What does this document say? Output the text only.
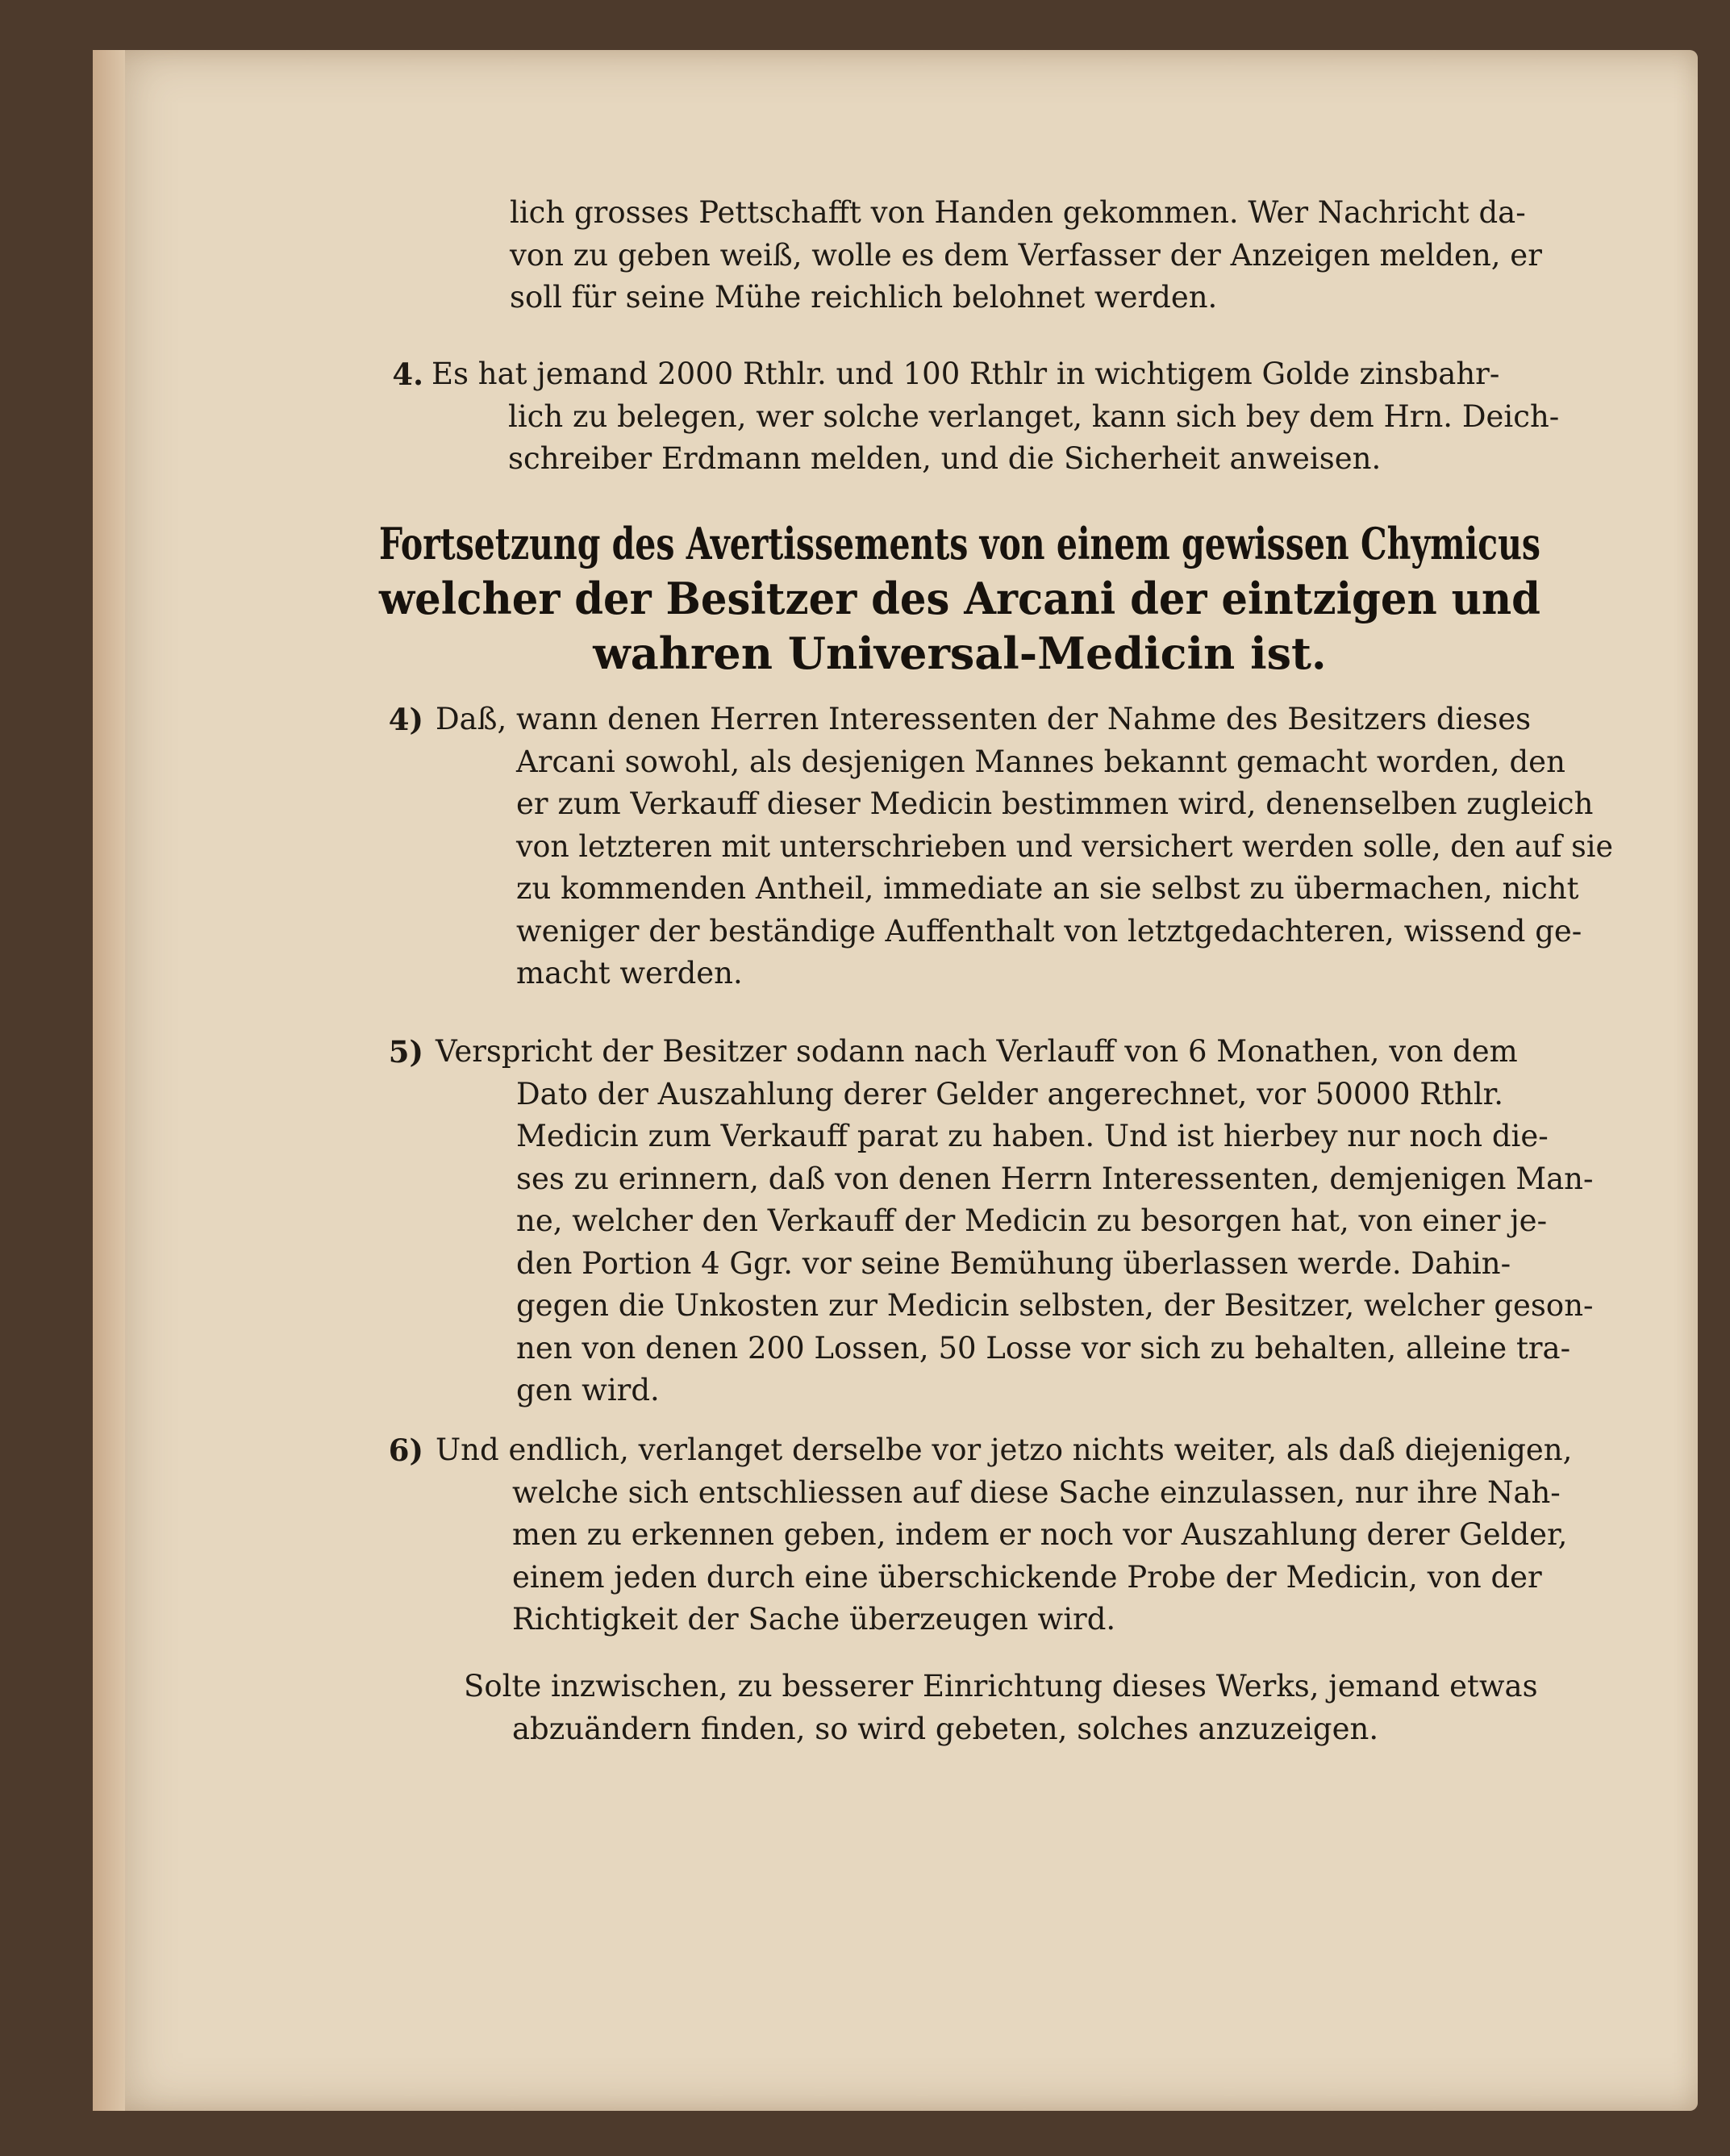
lich grosses Pettschafft von Handen gekommen. Wer Nachricht da-
von zu geben weiß, wolle es dem Verfasser der Anzeigen melden, er
soll für seine Mühe reichlich belohnet werden.
4. Es hat jemand 2000 Rthlr. und 100 Rthlr in wichtigem Golde zinsbahr-
lich zu belegen, wer solche verlanget, kann sich bey dem Hrn. Deich-
schreiber Erdmann melden, und die Sicherheit anweisen.
Fortsetzung des Avertissements von einem gewissen Chymicus
welcher der Besitzer des Arcani der eintzigen und
wahren Universal-Medicin ist.
4) Daß, wann denen Herren Interessenten der Nahme des Besitzers dieses
Arcani sowohl, als desjenigen Mannes bekannt gemacht worden, den
er zum Verkauff dieser Medicin bestimmen wird, denenselben zugleich
von letzteren mit unterschrieben und versichert werden solle, den auf sie
zu kommenden Antheil, immediate an sie selbst zu übermachen, nicht
weniger der beständige Auffenthalt von letztgedachteren, wissend ge-
macht werden.
5) Verspricht der Besitzer sodann nach Verlauff von 6 Monathen, von dem
Dato der Auszahlung derer Gelder angerechnet, vor 50000 Rthlr.
Medicin zum Verkauff parat zu haben. Und ist hierbey nur noch die-
ses zu erinnern, daß von denen Herrn Interessenten, demjenigen Man-
ne, welcher den Verkauff der Medicin zu besorgen hat, von einer je-
den Portion 4 Ggr. vor seine Bemühung überlassen werde. Dahin-
gegen die Unkosten zur Medicin selbsten, der Besitzer, welcher geson-
nen von denen 200 Lossen, 50 Losse vor sich zu behalten, alleine tra-
gen wird.
6) Und endlich, verlanget derselbe vor jetzo nichts weiter, als daß diejenigen,
welche sich entschliessen auf diese Sache einzulassen, nur ihre Nah-
men zu erkennen geben, indem er noch vor Auszahlung derer Gelder,
einem jeden durch eine überschickende Probe der Medicin, von der
Richtigkeit der Sache überzeugen wird.
Solte inzwischen, zu besserer Einrichtung dieses Werks, jemand etwas
abzuändern finden, so wird gebeten, solches anzuzeigen.
